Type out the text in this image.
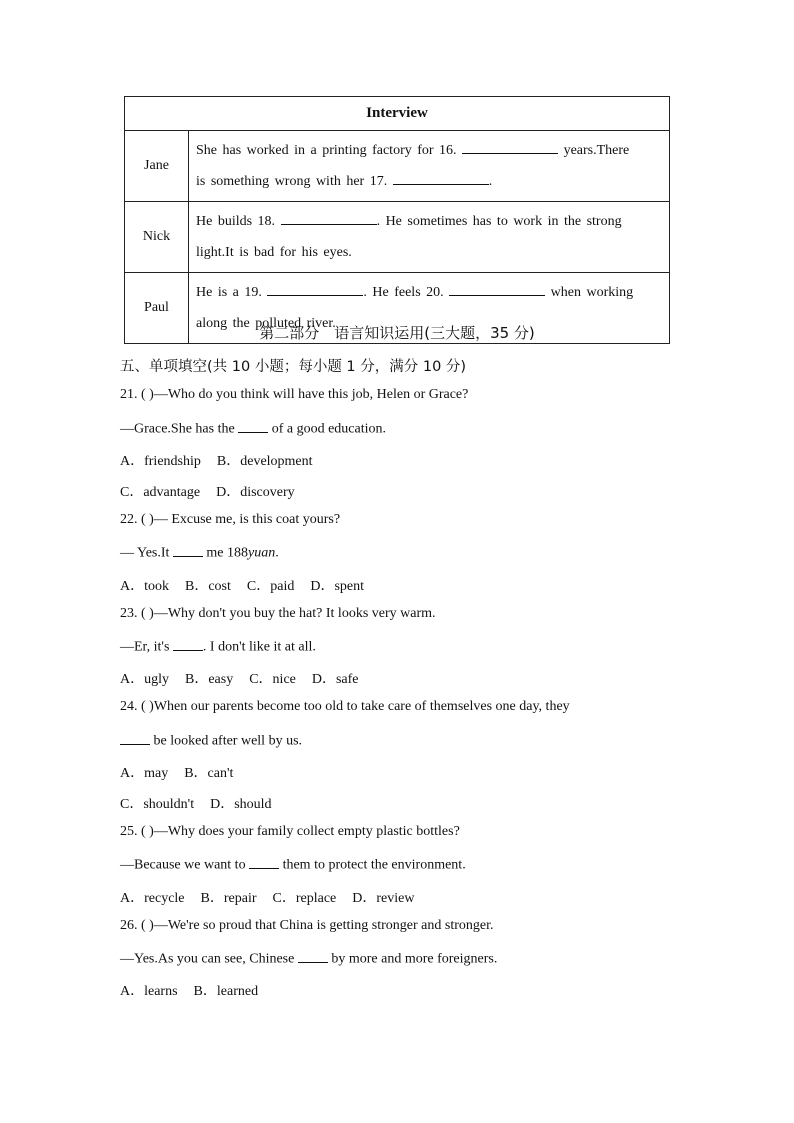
Interview	
Jane	She has worked in a printing factory for 16. years.There
is something wrong with her 17. .
Nick	He builds 18. . He sometimes has to work in the strong
light.It is bad for his eyes.
Paul	He is a 19. . He feels 20. when working
along the polluted river.
第二部分　语言知识运用(三大题，35 分)
五、单项填空(共 10 小题；每小题 1 分，满分 10 分)
21. ( )—Who do you think will have this job, Helen or Grace?
—Grace.She has the	of a good education.
A．friendship B．development
C．advantage D．discovery
22. ( )— Excuse me, is this coat yours?
— Yes.It	me 188yuan.
A．took B．cost C．paid D．spent
23. ( )—Why don't you buy the hat? It looks very warm.
—Er, it's . I don't like it at all.
A．ugly B．easy C．nice D．safe
24. ( )When our parents become too old to take care of themselves one day, they
be looked after well by us.
A．may B．can't
C．shouldn't D．should
25. ( )—Why does your family collect empty plastic bottles?
—Because we want to	them to protect the environment.
A．recycle B．repair C．replace D．review
26. ( )—We're so proud that China is getting stronger and stronger.
—Yes.As you can see, Chinese	by more and more foreigners.
A．learns B．learned
